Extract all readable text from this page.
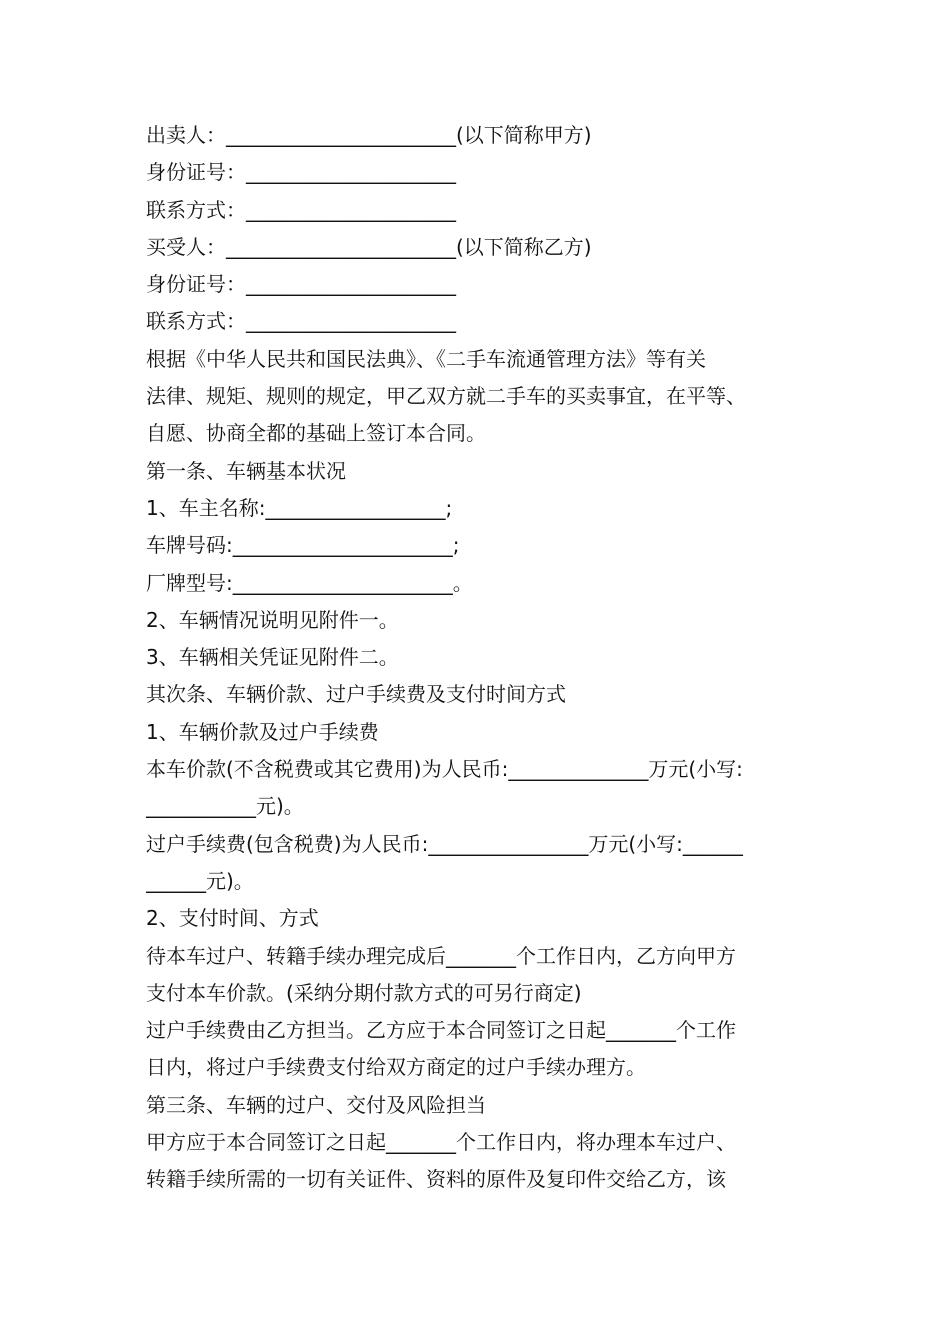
出卖人：_______________________(以下简称甲方)
身份证号：_____________________
联系方式：_____________________
买受人：_______________________(以下简称乙方)
身份证号：_____________________
联系方式：_____________________
根据《中华人民共和国民法典》、《二手车流通管理方法》等有关
法律、规矩、规则的规定，甲乙双方就二手车的买卖事宜，在平等、
自愿、协商全都的基础上签订本合同。
第一条、车辆基本状况
1、车主名称:__________________;
车牌号码:______________________;
厂牌型号:______________________。
2、车辆情况说明见附件一。
3、车辆相关凭证见附件二。
其次条、车辆价款、过户手续费及支付时间方式
1、车辆价款及过户手续费
本车价款(不含税费或其它费用)为人民币:______________万元(小写:
___________元)。
过户手续费(包含税费)为人民币:________________万元(小写:______
______元)。
2、支付时间、方式
待本车过户、转籍手续办理完成后_______个工作日内，乙方向甲方
支付本车价款。(采纳分期付款方式的可另行商定)
过户手续费由乙方担当。乙方应于本合同签订之日起_______个工作
日内，将过户手续费支付给双方商定的过户手续办理方。
第三条、车辆的过户、交付及风险担当
甲方应于本合同签订之日起_______个工作日内，将办理本车过户、
转籍手续所需的一切有关证件、资料的原件及复印件交给乙方，该
